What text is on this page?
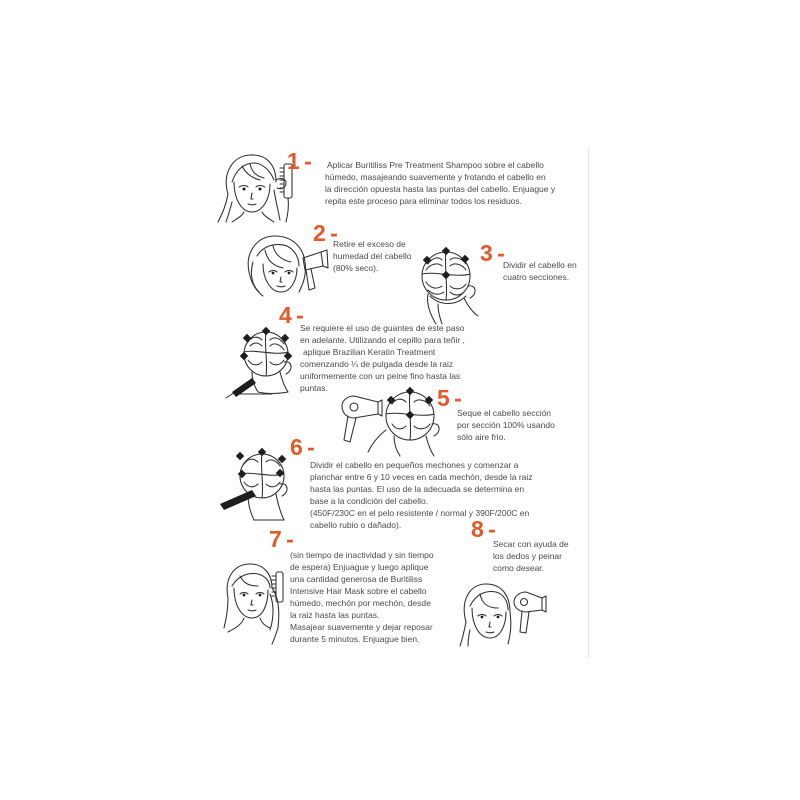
1 -
2 -
3 -
4 -
5 -
6 -
7 -	8 -
Aplicar Buritiliss Pre Treatment Shampoo sobre el cabello
húmedo, masajeando suavemente y frotando el cabello en
la dirección opuesta hasta las puntas del cabello. Enjuague y
repita este proceso para eliminar todos los residuos.
Retire el exceso de
humedad del cabello
(80% seco).	Dividir el cabello en
cuatro secciones.
Se requiere el uso de guantes de este paso
en adelante. Utilizando el cepillo para teñir ,
aplique Brazilian Keratin Treatment
comenzando ¼ de pulgada desde la raiz
uniformemente con un peine fino hasta las
puntas.
Seque el cabello sección
por sección 100% usando
sólo aire frio.
Dividir el cabello en pequeños mechones y comenzar a
planchar entre 6 y 10 veces en cada mechón, desde la raiz
hasta las puntas. El uso de la adecuada se determina en
base a la condición del cabello.
(450F/230C en el pelo resistente / normal y 390F/200C en
cabello rubio o dañado).
(sin tiempo de inactividad y sin tiempo
de espera) Enjuague y luego aplique
una cantidad generosa de Buritiliss
Intensive Hair Mask sobre el cabello
húmedo, mechón por mechón, desde
la raiz hasta las puntas.
Masajear suavemente y dejar reposar
durante 5 minutos. Enjuague bien.
Secar con ayuda de
los dedos y peinar
como desear.
